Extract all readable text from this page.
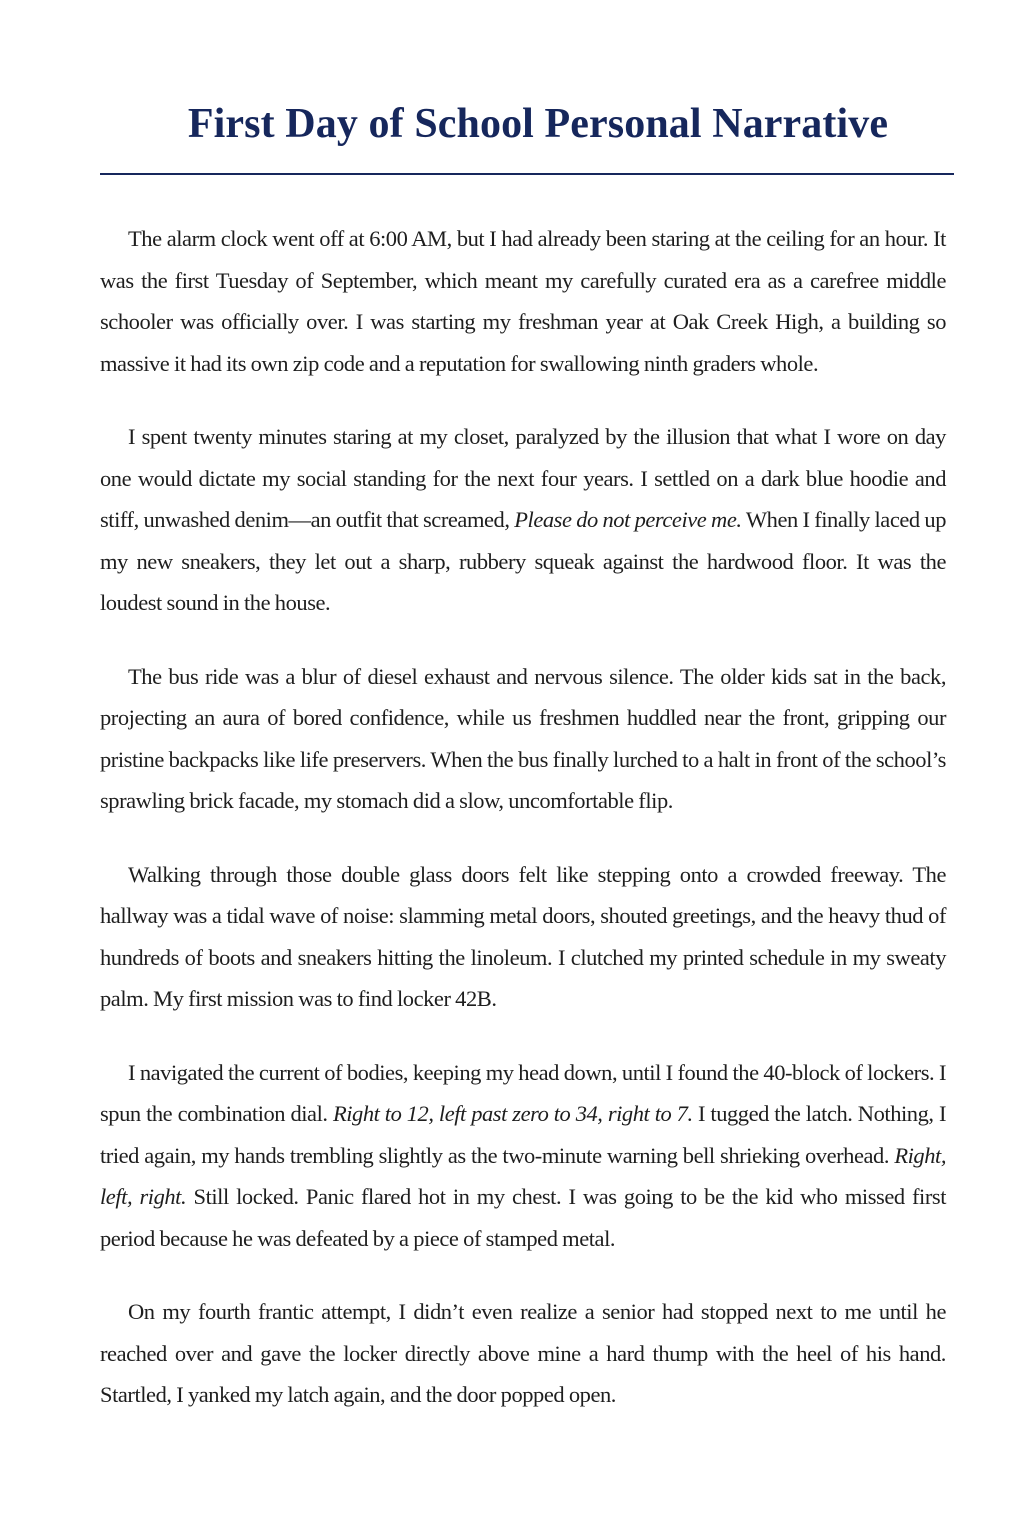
First Day of School Personal Narrative

The alarm clock went off at 6:00 AM, but I had already been staring at the ceiling for an hour. It was the first Tuesday of September, which meant my carefully curated era as a carefree middle schooler was officially over. I was starting my freshman year at Oak Creek High, a building so massive it had its own zip code and a reputation for swallowing ninth graders whole.

I spent twenty minutes staring at my closet, paralyzed by the illusion that what I wore on day one would dictate my social standing for the next four years. I settled on a dark blue hoodie and stiff, unwashed denim—an outfit that screamed, Please do not perceive me. When I finally laced up my new sneakers, they let out a sharp, rubbery squeak against the hardwood floor. It was the loudest sound in the house.

The bus ride was a blur of diesel exhaust and nervous silence. The older kids sat in the back, projecting an aura of bored confidence, while us freshmen huddled near the front, gripping our pristine backpacks like life preservers. When the bus finally lurched to a halt in front of the school’s sprawling brick facade, my stomach did a slow, uncomfortable flip.

Walking through those double glass doors felt like stepping onto a crowded freeway. The hallway was a tidal wave of noise: slamming metal doors, shouted greetings, and the heavy thud of hundreds of boots and sneakers hitting the linoleum. I clutched my printed schedule in my sweaty palm. My first mission was to find locker 42B.

I navigated the current of bodies, keeping my head down, until I found the 40-block of lockers. I spun the combination dial. Right to 12, left past zero to 34, right to 7. I tugged the latch. Nothing, I tried again, my hands trembling slightly as the two-minute warning bell shrieking overhead. Right, left, right. Still locked. Panic flared hot in my chest. I was going to be the kid who missed first period because he was defeated by a piece of stamped metal.

On my fourth frantic attempt, I didn’t even realize a senior had stopped next to me until he reached over and gave the locker directly above mine a hard thump with the heel of his hand. Startled, I yanked my latch again, and the door popped open.
